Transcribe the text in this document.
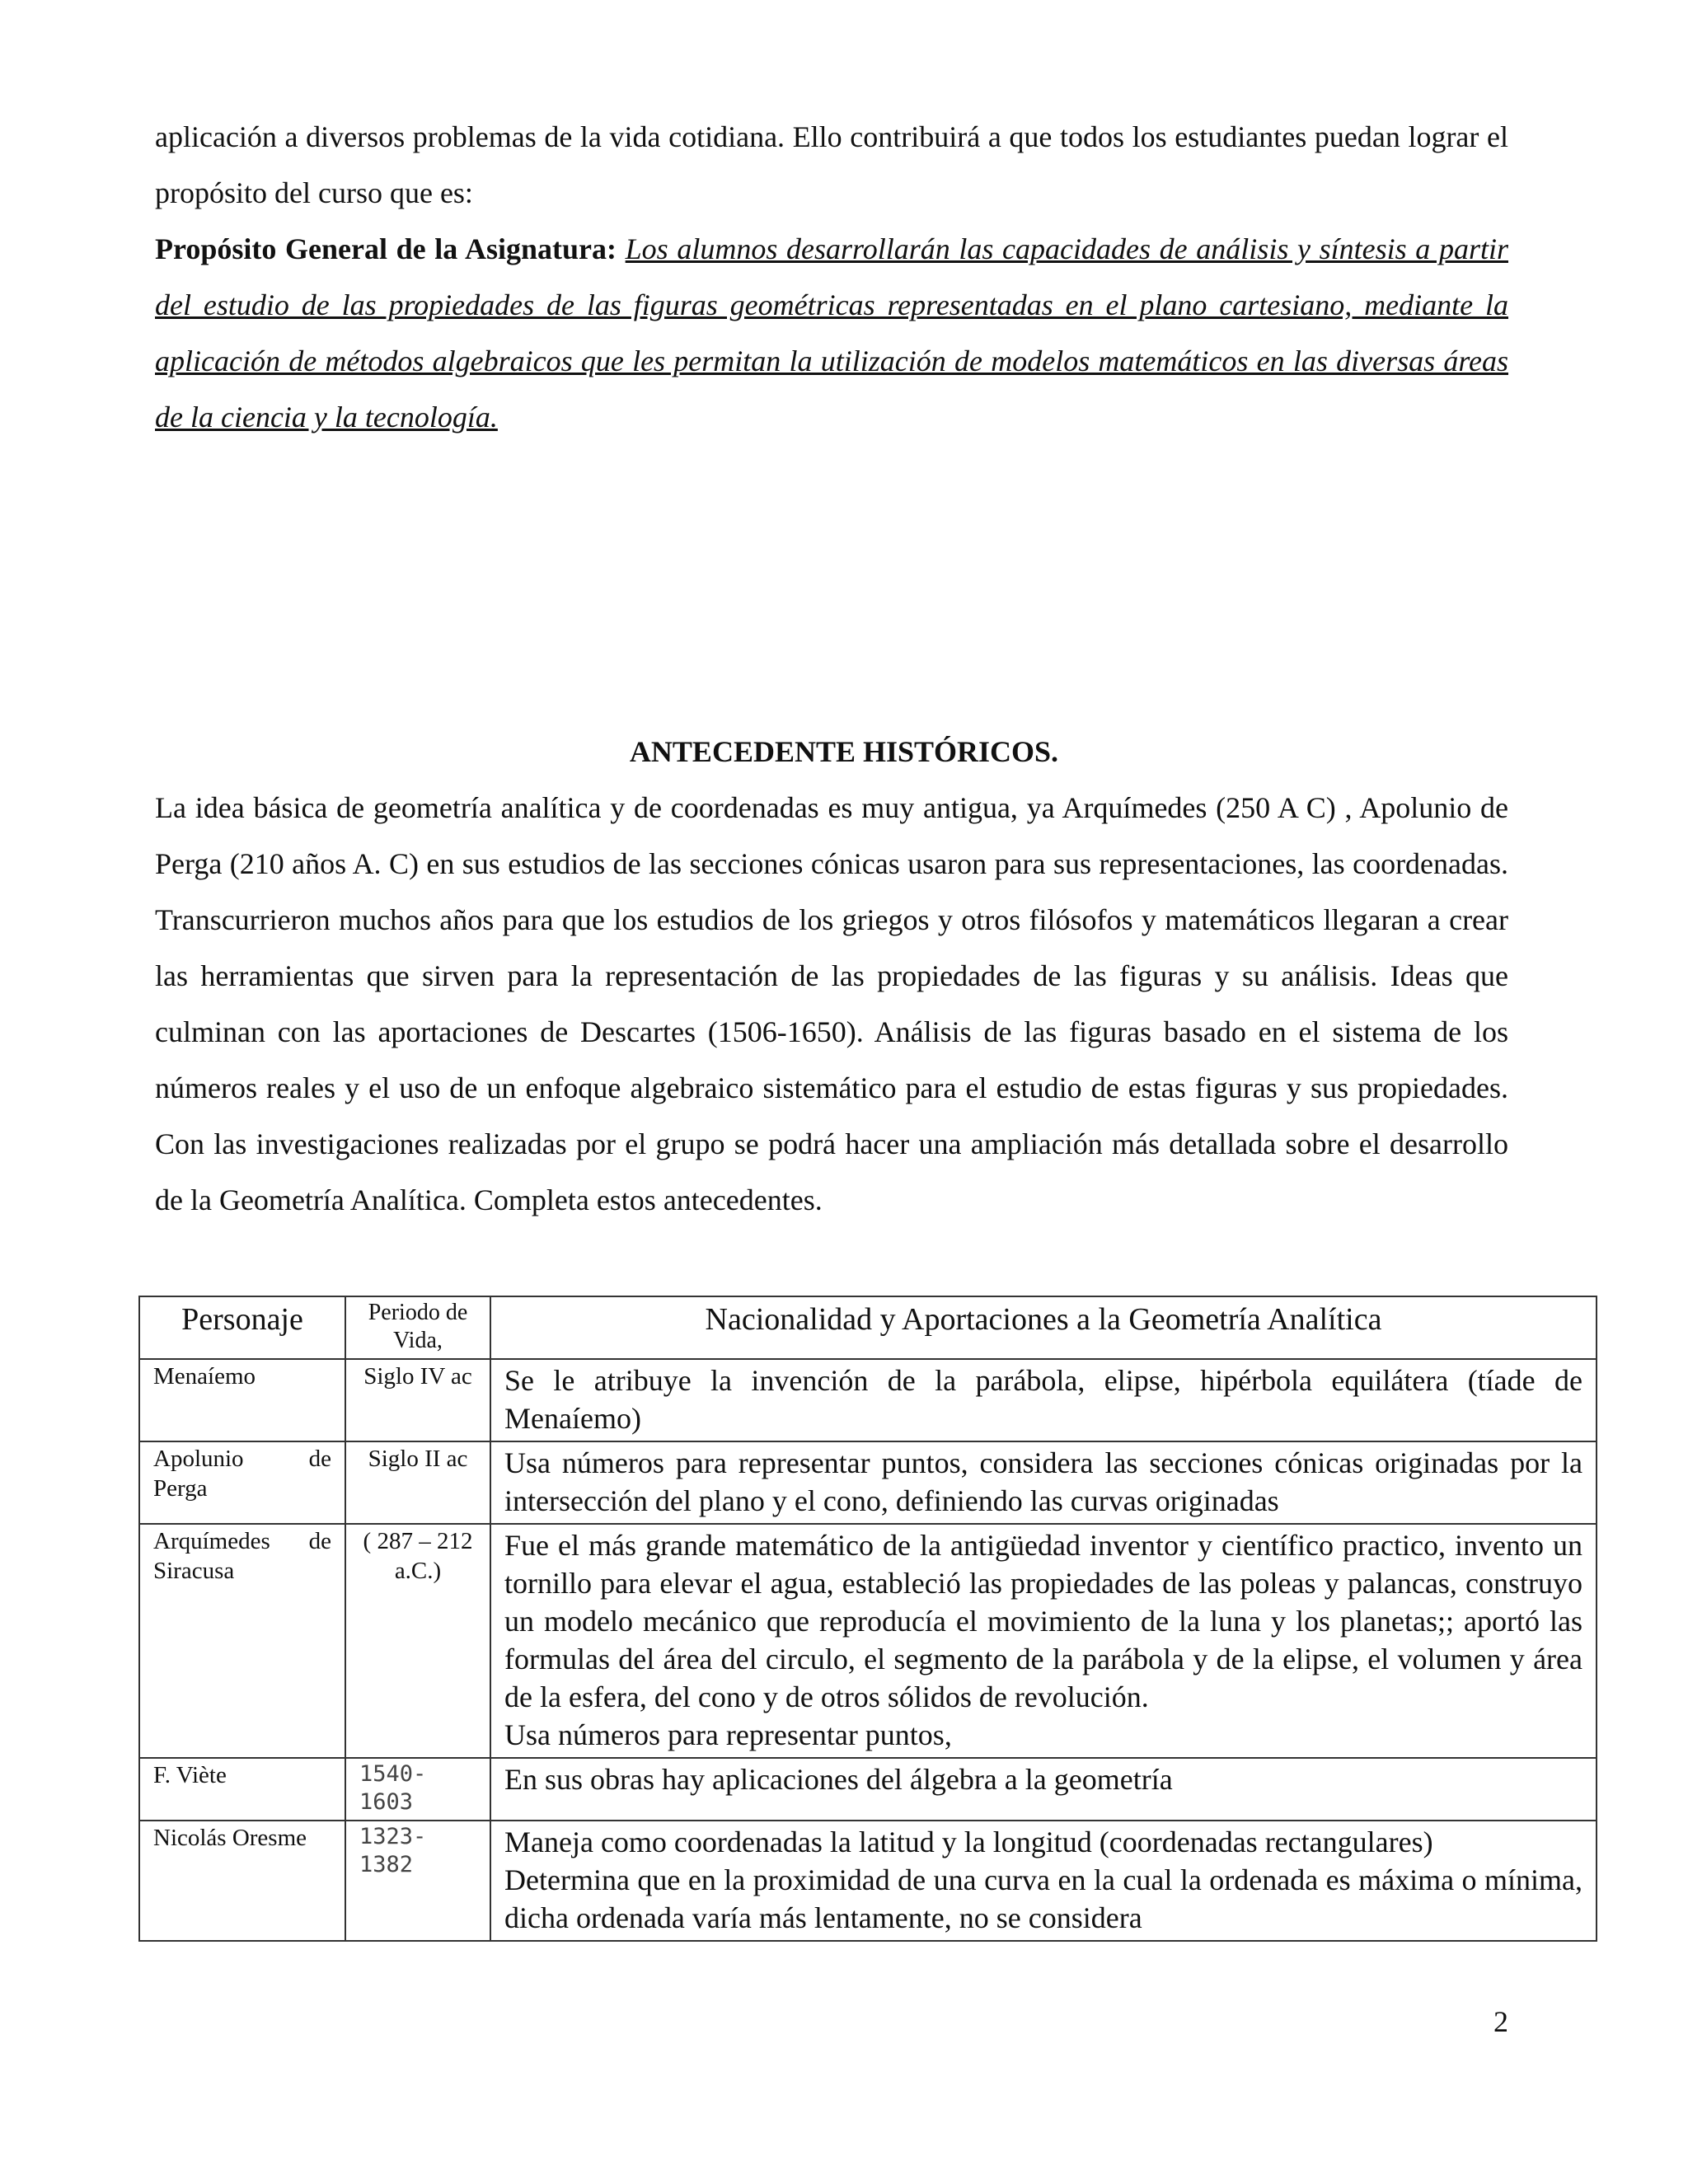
aplicación a diversos problemas de la vida cotidiana. Ello contribuirá a que todos los estudiantes puedan lograr el propósito del curso que es:

Propósito General de la Asignatura: Los alumnos desarrollarán las capacidades de análisis y síntesis a partir del estudio de las propiedades de las figuras geométricas representadas en el plano cartesiano, mediante la aplicación de métodos algebraicos que les permitan la utilización de modelos matemáticos en las diversas áreas de la ciencia y la tecnología.

ANTECEDENTE HISTÓRICOS.

La idea básica de geometría analítica y de coordenadas es muy antigua, ya Arquímedes (250 A C) , Apolunio de Perga (210 años A. C) en sus estudios de las secciones cónicas usaron para sus representaciones, las coordenadas. Transcurrieron muchos años para que los estudios de los griegos y otros filósofos y matemáticos llegaran a crear las herramientas que sirven para la representación de las propiedades de las figuras y su análisis. Ideas que culminan con las aportaciones de Descartes (1506-1650). Análisis de las figuras basado en el sistema de los números reales y el uso de un enfoque algebraico sistemático para el estudio de estas figuras y sus propiedades. Con las investigaciones realizadas por el grupo se podrá hacer una ampliación más detallada sobre el desarrollo de la Geometría Analítica. Completa estos antecedentes.

Personaje	Periodo de Vida,	Nacionalidad y Aportaciones a la Geometría Analítica
Menaíemo	Siglo IV ac	Se le atribuye la invención de la parábola, elipse, hipérbola equilátera (tíade de Menaíemo)

Apolunio de Perga	Siglo II ac	Usa números para representar puntos, considera las secciones cónicas originadas por la intersección del plano y el cono, definiendo las curvas originadas

Arquímedes de Siracusa	( 287 – 212 a.C.)	Fue el más grande matemático de la antigüedad inventor y científico practico, invento un tornillo para elevar el agua, estableció las propiedades de las poleas y palancas, construyo un modelo mecánico que reproducía el movimiento de la luna y los planetas;; aportó las formulas del área del circulo, el segmento de la parábola y de la elipse, el volumen y área de la esfera, del cono y de otros sólidos de revolución.
Usa números para representar puntos,

F. Viète	1540-1603	En sus obras hay aplicaciones del álgebra a la geometría

Nicolás Oresme	1323-1382	Maneja como coordenadas la latitud y la longitud (coordenadas rectangulares)
Determina que en la proximidad de una curva en la cual la ordenada es máxima o mínima, dicha ordenada varía más lentamente, no se considera
2
